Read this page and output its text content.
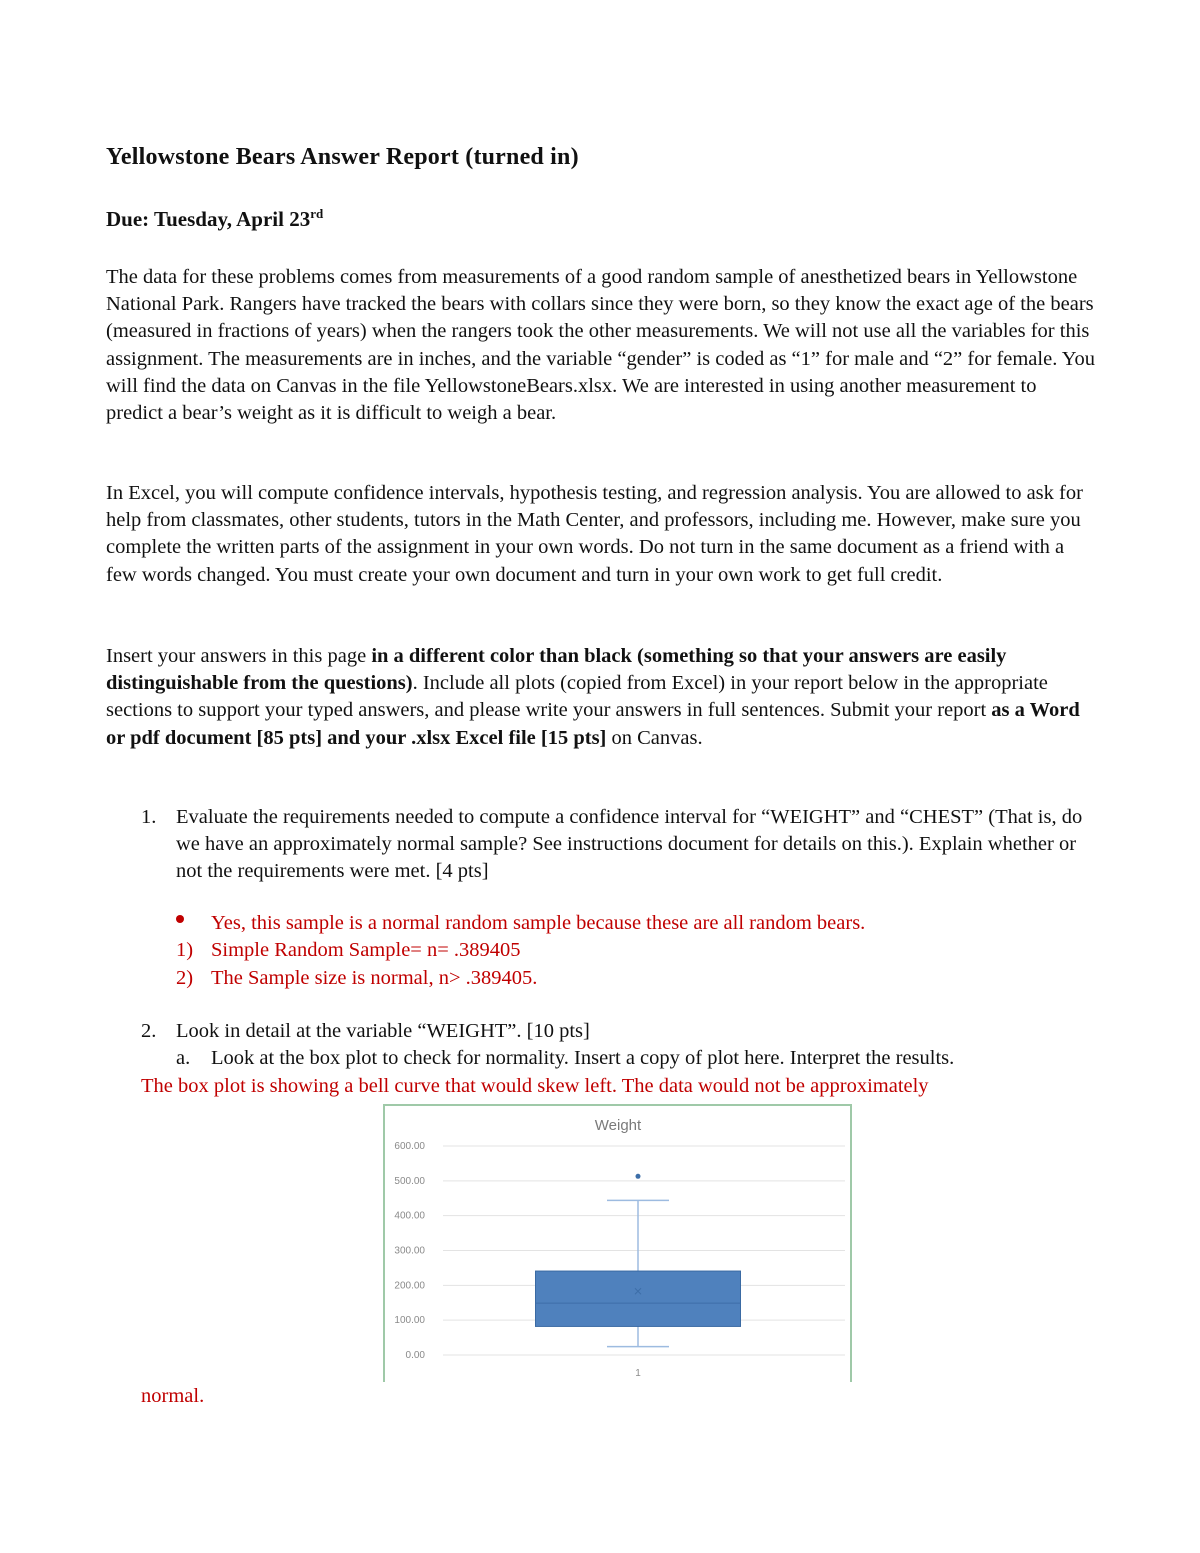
Yellowstone Bears Answer Report (turned in)
Due: Tuesday, April 23rd
The data for these problems comes from measurements of a good random sample of anesthetized bears in Yellowstone National Park. Rangers have tracked the bears with collars since they were born, so they know the exact age of the bears (measured in fractions of years) when the rangers took the other measurements. We will not use all the variables for this assignment. The measurements are in inches, and the variable “gender” is coded as “1” for male and “2” for female. You will find the data on Canvas in the file YellowstoneBears.xlsx. We are interested in using another measurement to predict a bear’s weight as it is difficult to weigh a bear.
In Excel, you will compute confidence intervals, hypothesis testing, and regression analysis. You are allowed to ask for help from classmates, other students, tutors in the Math Center, and professors, including me. However, make sure you complete the written parts of the assignment in your own words. Do not turn in the same document as a friend with a few words changed. You must create your own document and turn in your own work to get full credit.
Insert your answers in this page in a different color than black (something so that your answers are easily distinguishable from the questions). Include all plots (copied from Excel) in your report below in the appropriate sections to support your typed answers, and please write your answers in full sentences. Submit your report as a Word or pdf document [85 pts] and your .xlsx Excel file [15 pts] on Canvas.
1. Evaluate the requirements needed to compute a confidence interval for “WEIGHT” and “CHEST” (That is, do we have an approximately normal sample? See instructions document for details on this.). Explain whether or not the requirements were met. [4 pts]
Yes, this sample is a normal random sample because these are all random bears.
1) Simple Random Sample= n= .389405
2) The Sample size is normal, n> .389405.
2. Look in detail at the variable “WEIGHT”. [10 pts]
a. Look at the box plot to check for normality. Insert a copy of plot here. Interpret the results.
The box plot is showing a bell curve that would skew left. The data would not be approximately
Weight
0.00
100.00
200.00
300.00
400.00
500.00
600.00
1
normal.
